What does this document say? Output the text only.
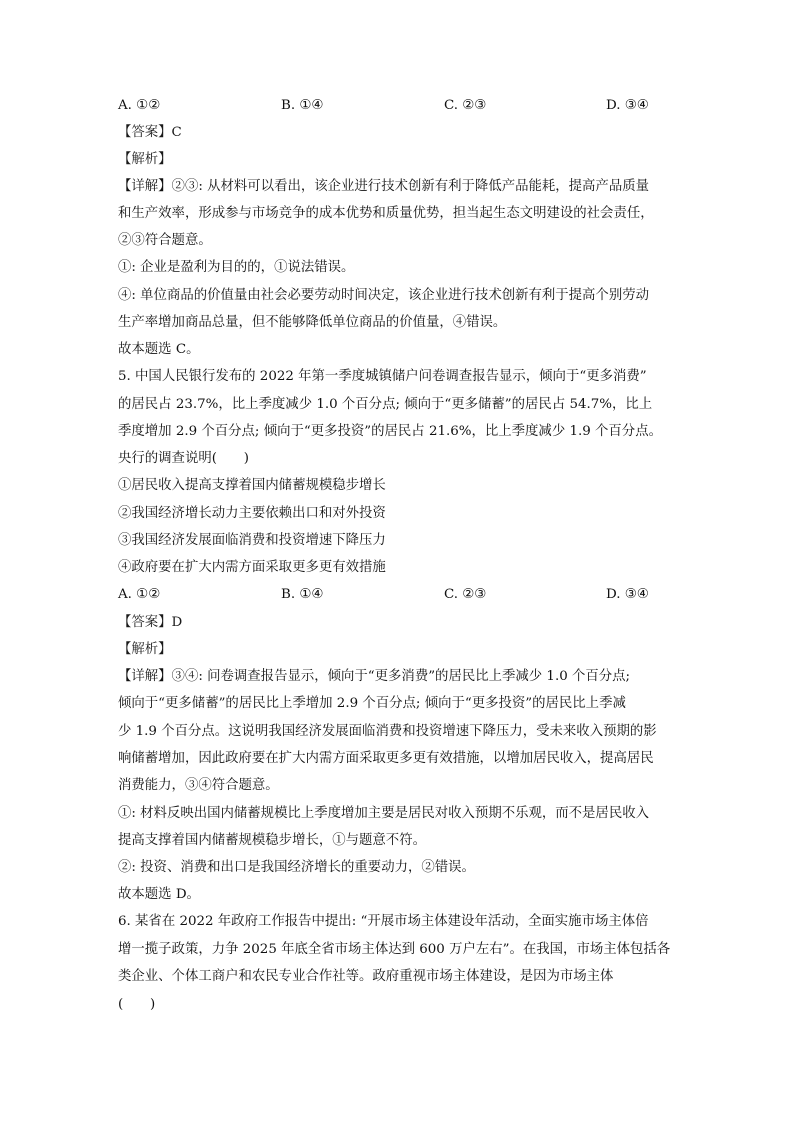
A. ①②	B. ①④	C. ②③	D. ③④
【答案】C
【解析】
【详解】②③: 从材料可以看出，该企业进行技术创新有利于降低产品能耗，提高产品质量
和生产效率，形成参与市场竞争的成本优势和质量优势，担当起生态文明建设的社会责任，
②③符合题意。
①: 企业是盈利为目的的，①说法错误。
④: 单位商品的价值量由社会必要劳动时间决定，该企业进行技术创新有利于提高个别劳动
生产率增加商品总量，但不能够降低单位商品的价值量，④错误。
故本题选 C。
5. 中国人民银行发布的 2022 年第一季度城镇储户问卷调查报告显示，倾向于“更多消费”
的居民占 23.7%，比上季度减少 1.0 个百分点; 倾向于“更多储蓄”的居民占 54.7%，比上
季度增加 2.9 个百分点; 倾向于“更多投资”的居民占 21.6%，比上季度减少 1.9 个百分点。
央行的调查说明(　　)
①居民收入提高支撑着国内储蓄规模稳步增长
②我国经济增长动力主要依赖出口和对外投资
③我国经济发展面临消费和投资增速下降压力
④政府要在扩大内需方面采取更多更有效措施
A. ①②	B. ①④	C. ②③	D. ③④
【答案】D
【解析】
【详解】③④: 问卷调查报告显示，倾向于“更多消费”的居民比上季减少 1.0 个百分点;
倾向于“更多储蓄”的居民比上季增加 2.9 个百分点; 倾向于“更多投资”的居民比上季减
少 1.9 个百分点。这说明我国经济发展面临消费和投资增速下降压力，受未来收入预期的影
响储蓄增加，因此政府要在扩大内需方面采取更多更有效措施，以增加居民收入，提高居民
消费能力，③④符合题意。
①: 材料反映出国内储蓄规模比上季度增加主要是居民对收入预期不乐观，而不是居民收入
提高支撑着国内储蓄规模稳步增长，①与题意不符。
②: 投资、消费和出口是我国经济增长的重要动力，②错误。
故本题选 D。
6. 某省在 2022 年政府工作报告中提出: “开展市场主体建设年活动，全面实施市场主体倍
增一揽子政策，力争 2025 年底全省市场主体达到 600 万户左右”。在我国，市场主体包括各
类企业、个体工商户和农民专业合作社等。政府重视市场主体建设，是因为市场主体
(　　)
